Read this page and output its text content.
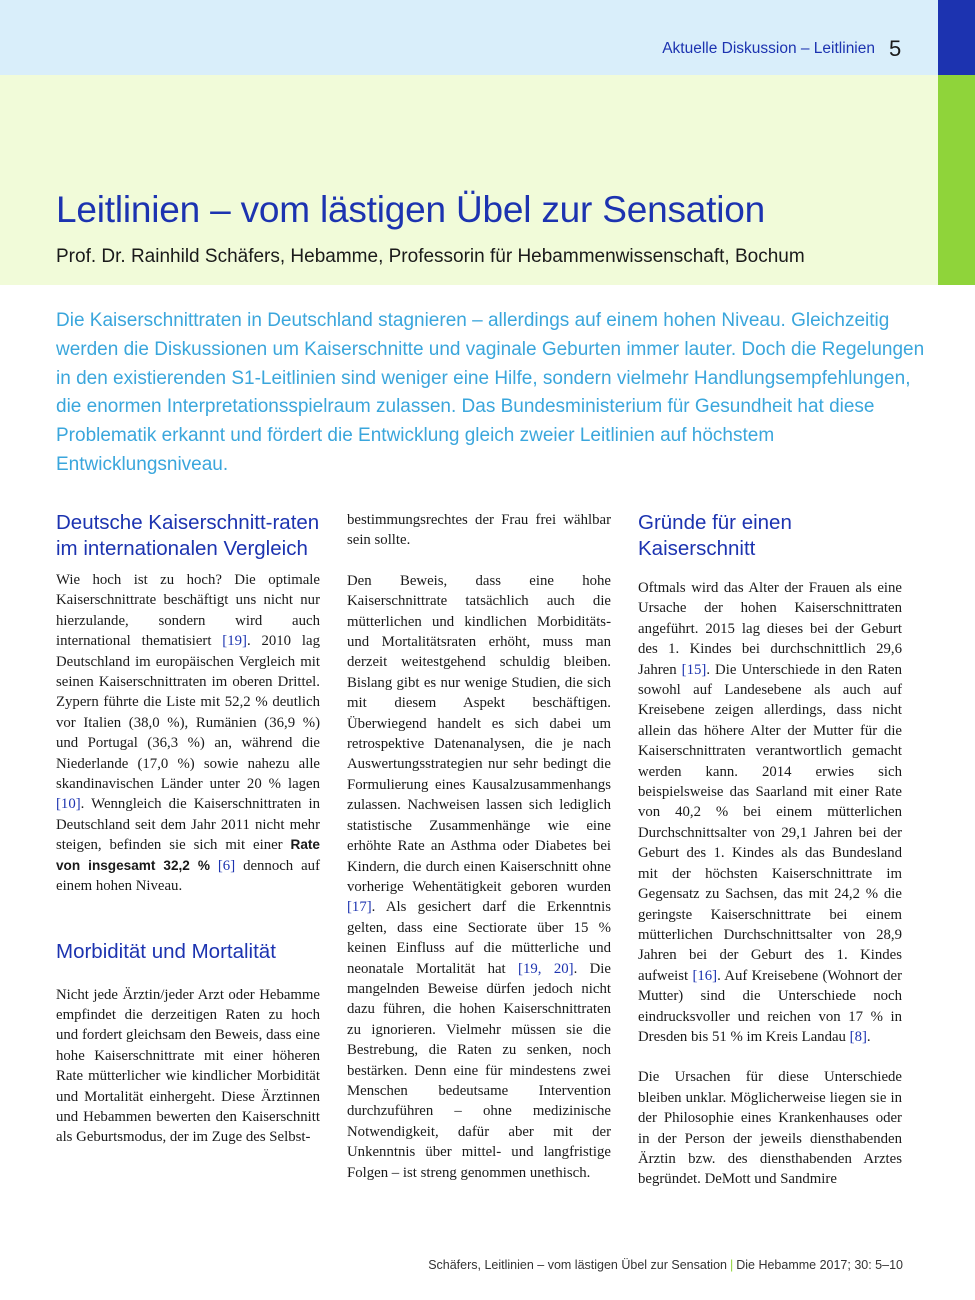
Aktuelle Diskussion – Leitlinien 5
Leitlinien – vom lästigen Übel zur Sensation
Prof. Dr. Rainhild Schäfers, Hebamme, Professorin für Hebammenwissenschaft, Bochum

Die Kaiserschnittraten in Deutschland stagnieren – allerdings auf einem hohen Niveau. Gleichzeitig werden die Diskussionen um Kaiserschnitte und vaginale Geburten immer lauter. Doch die Regelungen in den existierenden S1-Leitlinien sind weniger eine Hilfe, sondern vielmehr Handlungsempfehlungen, die enormen Interpretationsspielraum zulassen. Das Bundesministerium für Gesundheit hat diese Problematik erkannt und fördert die Entwicklung gleich zweier Leitlinien auf höchstem Entwicklungsniveau.

Deutsche Kaiserschnitt-raten im internationalen Vergleich

Wie hoch ist zu hoch? Die optimale Kaiserschnittrate beschäftigt uns nicht nur hierzulande, sondern wird auch international thematisiert [19]. 2010 lag Deutschland im europäischen Vergleich mit seinen Kaiserschnittraten im oberen Drittel. Zypern führte die Liste mit 52,2 % deutlich vor Italien (38,0 %), Rumänien (36,9 %) und Portugal (36,3 %) an, während die Niederlande (17,0 %) sowie nahezu alle skandinavischen Länder unter 20 % lagen [10]. Wenngleich die Kaiserschnittraten in Deutschland seit dem Jahr 2011 nicht mehr steigen, befinden sie sich mit einer Rate von insgesamt 32,2 % [6] dennoch auf einem hohen Niveau.

Morbidität und Mortalität

Nicht jede Ärztin/jeder Arzt oder Hebamme empfindet die derzeitigen Raten zu hoch und fordert gleichsam den Beweis, dass eine hohe Kaiserschnittrate mit einer höheren Rate mütterlicher wie kindlicher Morbidität und Mortalität einhergeht. Diese Ärztinnen und Hebammen bewerten den Kaiserschnitt als Geburtsmodus, der im Zuge des Selbst-

bestimmungsrechtes der Frau frei wählbar sein sollte.

Den Beweis, dass eine hohe Kaiserschnittrate tatsächlich auch die mütterlichen und kindlichen Morbiditäts- und Mortalitätsraten erhöht, muss man derzeit weitestgehend schuldig bleiben. Bislang gibt es nur wenige Studien, die sich mit diesem Aspekt beschäftigen. Überwiegend handelt es sich dabei um retrospektive Datenanalysen, die je nach Auswertungsstrategien nur sehr bedingt die Formulierung eines Kausalzusammenhangs zulassen. Nachweisen lassen sich lediglich statistische Zusammenhänge wie eine erhöhte Rate an Asthma oder Diabetes bei Kindern, die durch einen Kaiserschnitt ohne vorherige Wehentätigkeit geboren wurden [17]. Als gesichert darf die Erkenntnis gelten, dass eine Sectiorate über 15 % keinen Einfluss auf die mütterliche und neonatale Mortalität hat [19, 20]. Die mangelnden Beweise dürfen jedoch nicht dazu führen, die hohen Kaiserschnittraten zu ignorieren. Vielmehr müssen sie die Bestrebung, die Raten zu senken, noch bestärken. Denn eine für mindestens zwei Menschen bedeutsame Intervention durchzuführen – ohne medizinische Notwendigkeit, dafür aber mit der Unkenntnis über mittel- und langfristige Folgen – ist streng genommen unethisch.

Gründe für einen Kaiserschnitt

Oftmals wird das Alter der Frauen als eine Ursache der hohen Kaiserschnittraten angeführt. 2015 lag dieses bei der Geburt des 1. Kindes bei durchschnittlich 29,6 Jahren [15]. Die Unterschiede in den Raten sowohl auf Landesebene als auch auf Kreisebene zeigen allerdings, dass nicht allein das höhere Alter der Mutter für die Kaiserschnittraten verantwortlich gemacht werden kann. 2014 erwies sich beispielsweise das Saarland mit einer Rate von 40,2 % bei einem mütterlichen Durchschnittsalter von 29,1 Jahren bei der Geburt des 1. Kindes als das Bundesland mit der höchsten Kaiserschnittrate im Gegensatz zu Sachsen, das mit 24,2 % die geringste Kaiserschnittrate bei einem mütterlichen Durchschnittsalter von 28,9 Jahren bei der Geburt des 1. Kindes aufweist [16]. Auf Kreisebene (Wohnort der Mutter) sind die Unterschiede noch eindrucksvoller und reichen von 17 % in Dresden bis 51 % im Kreis Landau [8].

Die Ursachen für diese Unterschiede bleiben unklar. Möglicherweise liegen sie in der Philosophie eines Krankenhauses oder in der Person der jeweils diensthabenden Ärztin bzw. des diensthabenden Arztes begründet. DeMott und Sandmire

Schäfers, Leitlinien – vom lästigen Übel zur Sensation | Die Hebamme 2017; 30: 5–10
